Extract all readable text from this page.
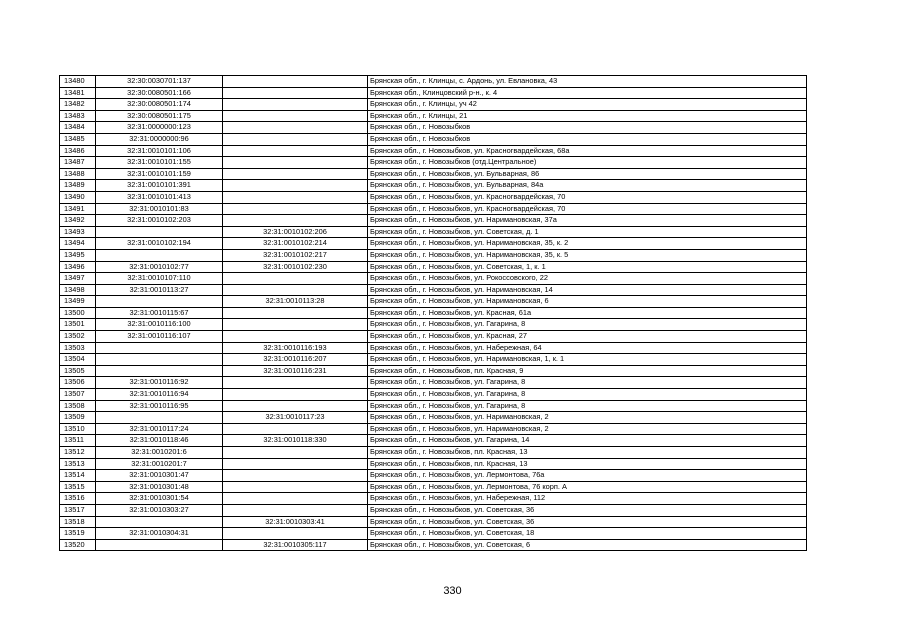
13480	32:30:0030701:137		Брянская обл., г. Клинцы, с. Ардонь, ул. Евлановка, 43
13481	32:30:0080501:166		Брянская обл., Клинцовский р-н., к. 4
13482	32:30:0080501:174		Брянская обл., г. Клинцы, уч 42
13483	32:30:0080501:175		Брянская обл., г. Клинцы, 21
13484	32:31:0000000:123		Брянская обл., г. Новозыбков
13485	32:31:0000000:96		Брянская обл., г. Новозыбков
13486	32:31:0010101:106		Брянская обл., г. Новозыбков, ул. Красногвардейская, 68а
13487	32:31:0010101:155		Брянская обл., г. Новозыбков (отд.Центральное)
13488	32:31:0010101:159		Брянская обл., г. Новозыбков, ул. Бульварная, 86
13489	32:31:0010101:391		Брянская обл., г. Новозыбков, ул. Бульварная, 84а
13490	32:31:0010101:413		Брянская обл., г. Новозыбков, ул. Красногвардейская, 70
13491	32:31:0010101:83		Брянская обл., г. Новозыбков, ул. Красногвардейская, 70
13492	32:31:0010102:203		Брянская обл., г. Новозыбков, ул. Наримановская, 37а
13493		32:31:0010102:206	Брянская обл., г. Новозыбков, ул. Советская, д. 1
13494	32:31:0010102:194	32:31:0010102:214	Брянская обл., г. Новозыбков, ул. Наримановская, 35, к. 2
13495		32:31:0010102:217	Брянская обл., г. Новозыбков, ул. Наримановская, 35, к. 5
13496	32:31:0010102:77	32:31:0010102:230	Брянская обл., г. Новозыбков, ул. Советская, 1, к. 1
13497	32:31:0010107:110		Брянская обл., г. Новозыбков, ул. Рокоссовского, 22
13498	32:31:0010113:27		Брянская обл., г. Новозыбков, ул. Наримановская, 14
13499		32:31:0010113:28	Брянская обл., г. Новозыбков, ул. Наримановская, 6
13500	32:31:0010115:67		Брянская обл., г. Новозыбков, ул. Красная, 61а
13501	32:31:0010116:100		Брянская обл., г. Новозыбков, ул. Гагарина, 8
13502	32:31:0010116:107		Брянская обл., г. Новозыбков, ул. Красная, 27
13503		32:31:0010116:193	Брянская обл., г. Новозыбков, ул. Набережная, 64
13504		32:31:0010116:207	Брянская обл., г. Новозыбков, ул. Наримановская, 1, к. 1
13505		32:31:0010116:231	Брянская обл., г. Новозыбков, пл. Красная, 9
13506	32:31:0010116:92		Брянская обл., г. Новозыбков, ул. Гагарина, 8
13507	32:31:0010116:94		Брянская обл., г. Новозыбков, ул. Гагарина, 8
13508	32:31:0010116:95		Брянская обл., г. Новозыбков, ул. Гагарина, 8
13509		32:31:0010117:23	Брянская обл., г. Новозыбков, ул. Наримановская, 2
13510	32:31:0010117:24		Брянская обл., г. Новозыбков, ул. Наримановская, 2
13511	32:31:0010118:46	32:31:0010118:330	Брянская обл., г. Новозыбков, ул. Гагарина, 14
13512	32:31:0010201:6		Брянская обл., г. Новозыбков, пл. Красная, 13
13513	32:31:0010201:7		Брянская обл., г. Новозыбков, пл. Красная, 13
13514	32:31:0010301:47		Брянская обл., г. Новозыбков, ул. Лермонтова, 76а
13515	32:31:0010301:48		Брянская обл., г. Новозыбков, ул. Лермонтова, 76 корп. А
13516	32:31:0010301:54		Брянская обл., г. Новозыбков, ул. Набережная, 112
13517	32:31:0010303:27		Брянская обл., г. Новозыбков, ул. Советская, 36
13518		32:31:0010303:41	Брянская обл., г. Новозыбков, ул. Советская, 36
13519	32:31:0010304:31		Брянская обл., г. Новозыбков, ул. Советская, 18
13520		32:31:0010305:117	Брянская обл., г. Новозыбков, ул. Советская, 6
330
